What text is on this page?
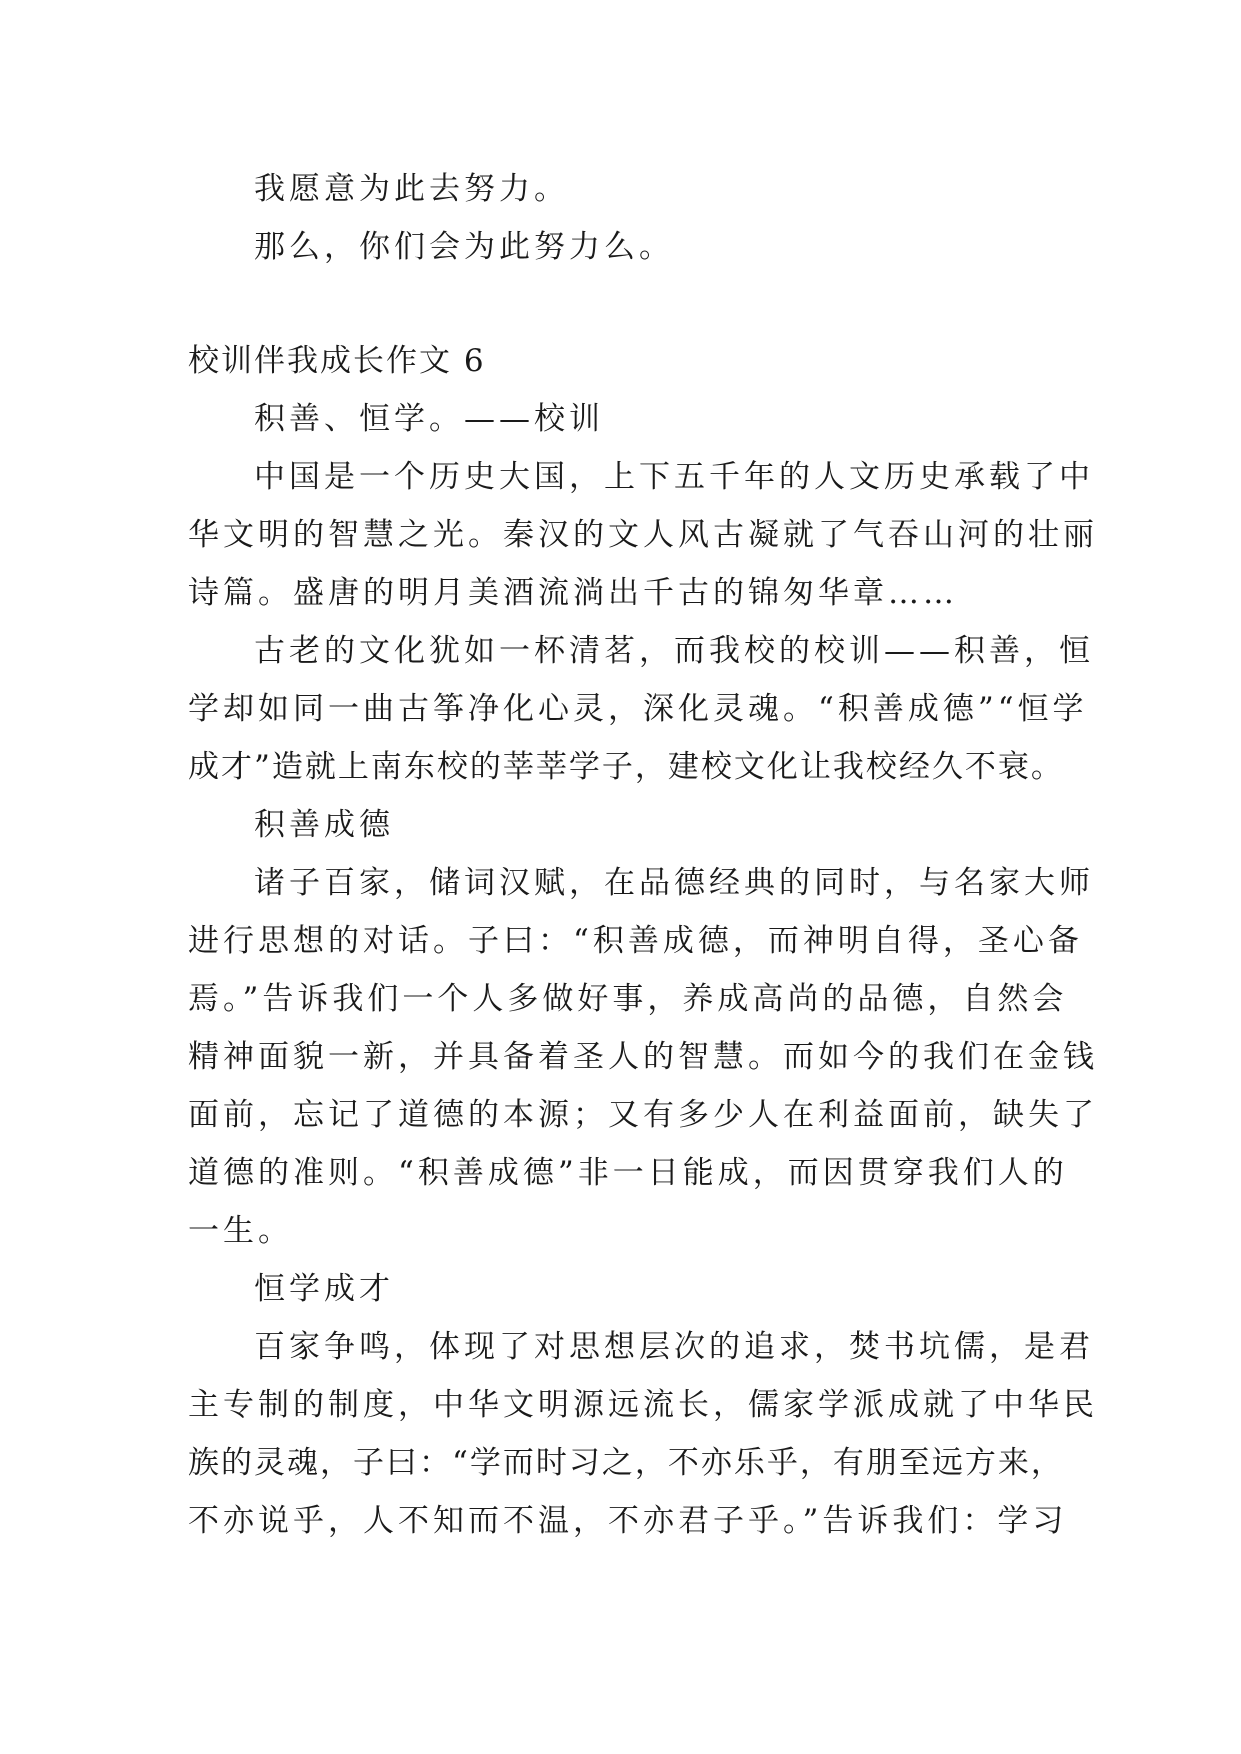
我愿意为此去努力。

那么，你们会为此努力么。

校训伴我成长作文 6

积善、恒学。——校训

中国是一个历史大国，上下五千年的人文历史承载了中

华文明的智慧之光。秦汉的文人风古凝就了气吞山河的壮丽

诗篇。盛唐的明月美酒流淌出千古的锦匆华章……

古老的文化犹如一杯清茗，而我校的校训——积善，恒

学却如同一曲古筝净化心灵，深化灵魂。“积善成德”“恒学

成才”造就上南东校的莘莘学子，建校文化让我校经久不衰。

积善成德

诸子百家，储词汉赋，在品德经典的同时，与名家大师

进行思想的对话。子曰：“积善成德，而神明自得，圣心备

焉。”告诉我们一个人多做好事，养成高尚的品德，自然会

精神面貌一新，并具备着圣人的智慧。而如今的我们在金钱

面前，忘记了道德的本源；又有多少人在利益面前，缺失了

道德的准则。“积善成德”非一日能成，而因贯穿我们人的

一生。

恒学成才

百家争鸣，体现了对思想层次的追求，焚书坑儒，是君

主专制的制度，中华文明源远流长，儒家学派成就了中华民

族的灵魂，子曰：“学而时习之，不亦乐乎，有朋至远方来，

不亦说乎，人不知而不温，不亦君子乎。”告诉我们：学习
